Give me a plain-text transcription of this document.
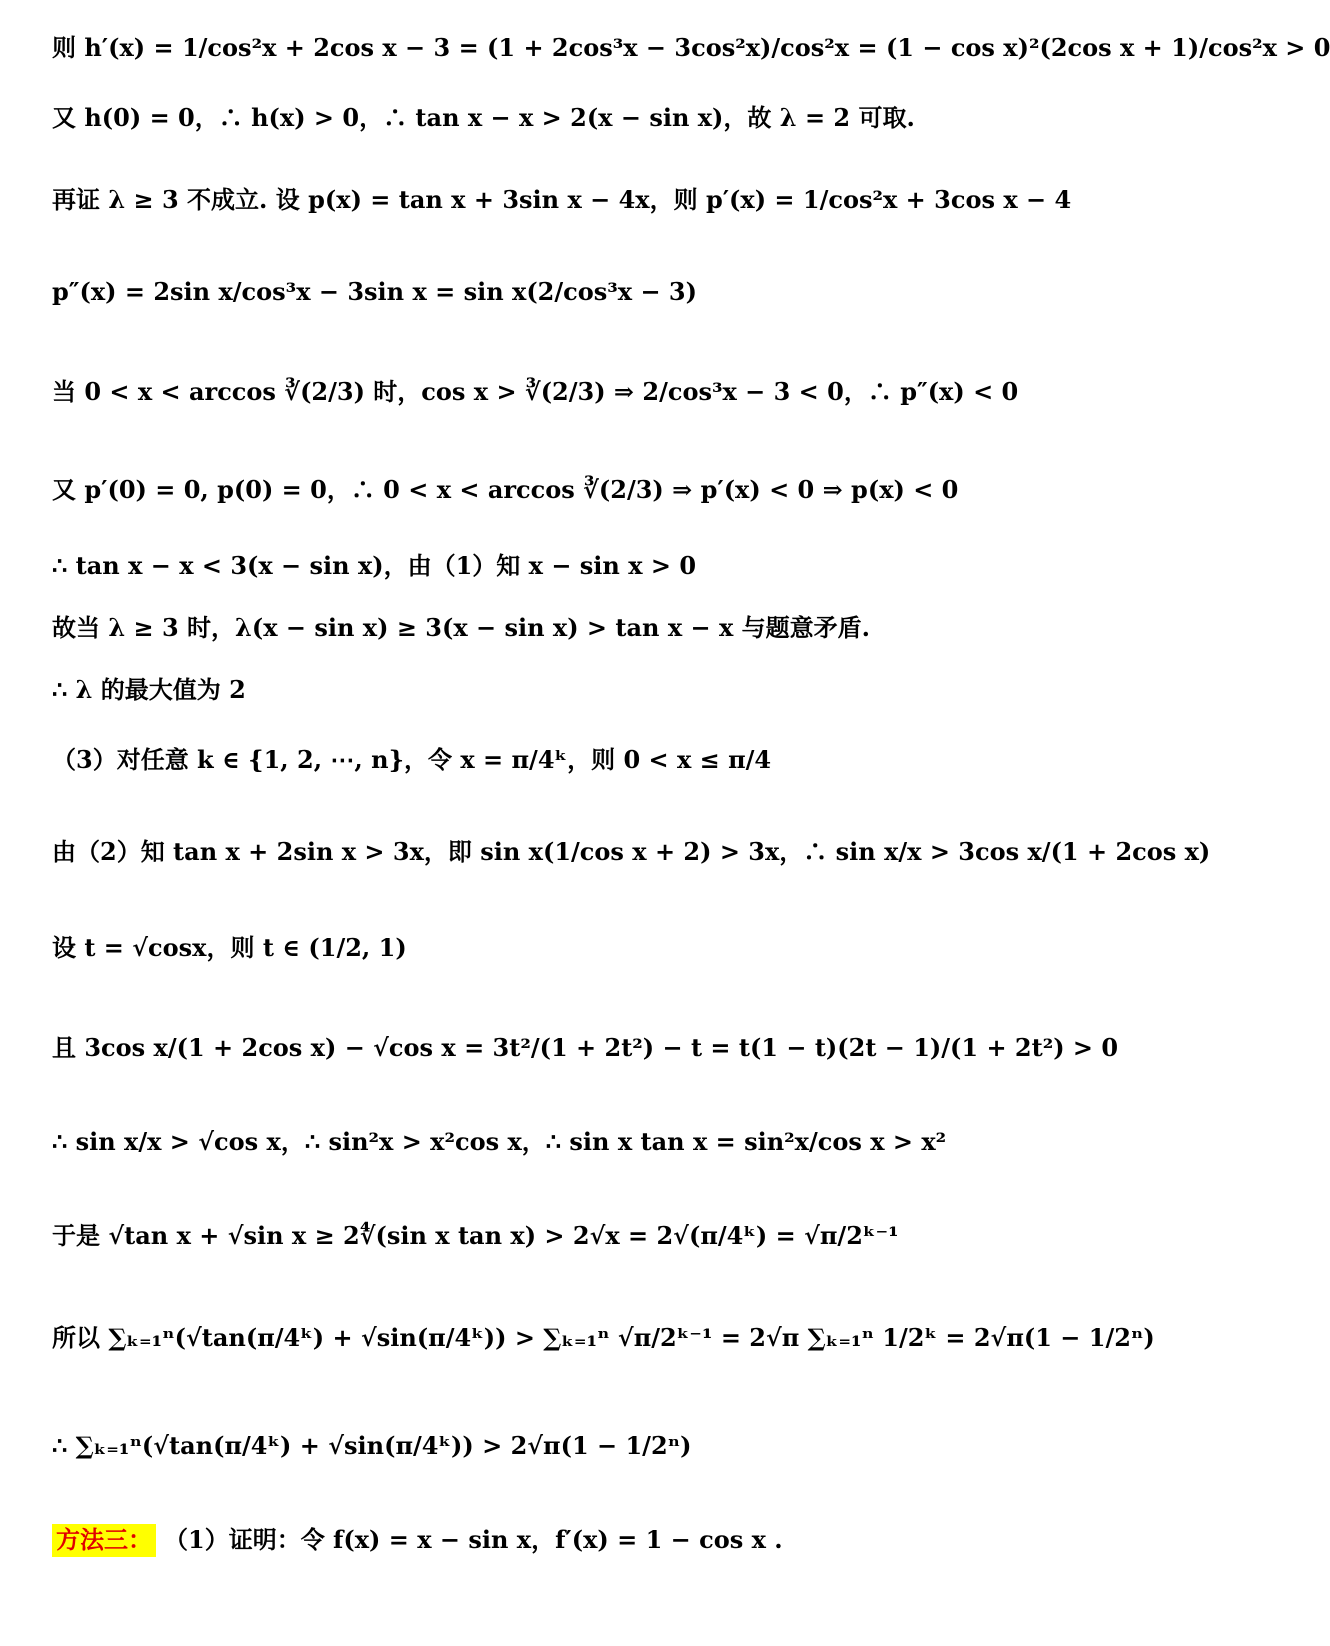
则 h′(x) = 1/cos²x + 2cos x − 3 = (1 + 2cos³x − 3cos²x)/cos²x = (1 − cos x)²(2cos x + 1)/cos²x > 0
又 h(0) = 0，∴ h(x) > 0，∴ tan x − x > 2(x − sin x)，故 λ = 2 可取.
再证 λ ≥ 3 不成立. 设 p(x) = tan x + 3sin x − 4x，则 p′(x) = 1/cos²x + 3cos x − 4
p″(x) = 2sin x/cos³x − 3sin x = sin x(2/cos³x − 3)
当 0 < x < arccos ∛(2/3) 时，cos x > ∛(2/3) ⇒ 2/cos³x − 3 < 0，∴ p″(x) < 0
又 p′(0) = 0, p(0) = 0，∴ 0 < x < arccos ∛(2/3) ⇒ p′(x) < 0 ⇒ p(x) < 0
∴ tan x − x < 3(x − sin x)，由（1）知 x − sin x > 0
故当 λ ≥ 3 时，λ(x − sin x) ≥ 3(x − sin x) > tan x − x 与题意矛盾.
∴ λ 的最大值为 2
（3）对任意 k ∈ {1, 2, ⋯, n}，令 x = π/4ᵏ，则 0 < x ≤ π/4
由（2）知 tan x + 2sin x > 3x，即 sin x(1/cos x + 2) > 3x，∴ sin x/x > 3cos x/(1 + 2cos x)
设 t = √cosx，则 t ∈ (1/2, 1)
且 3cos x/(1 + 2cos x) − √cos x = 3t²/(1 + 2t²) − t = t(1 − t)(2t − 1)/(1 + 2t²) > 0
∴ sin x/x > √cos x，∴ sin²x > x²cos x，∴ sin x tan x = sin²x/cos x > x²
于是 √tan x + √sin x ≥ 2∜(sin x tan x) > 2√x = 2√(π/4ᵏ) = √π/2ᵏ⁻¹
所以 ∑ₖ₌₁ⁿ(√tan(π/4ᵏ) + √sin(π/4ᵏ)) > ∑ₖ₌₁ⁿ √π/2ᵏ⁻¹ = 2√π ∑ₖ₌₁ⁿ 1/2ᵏ = 2√π(1 − 1/2ⁿ)
∴ ∑ₖ₌₁ⁿ(√tan(π/4ᵏ) + √sin(π/4ᵏ)) > 2√π(1 − 1/2ⁿ)
方法三： （1）证明：令 f(x) = x − sin x，f′(x) = 1 − cos x .
